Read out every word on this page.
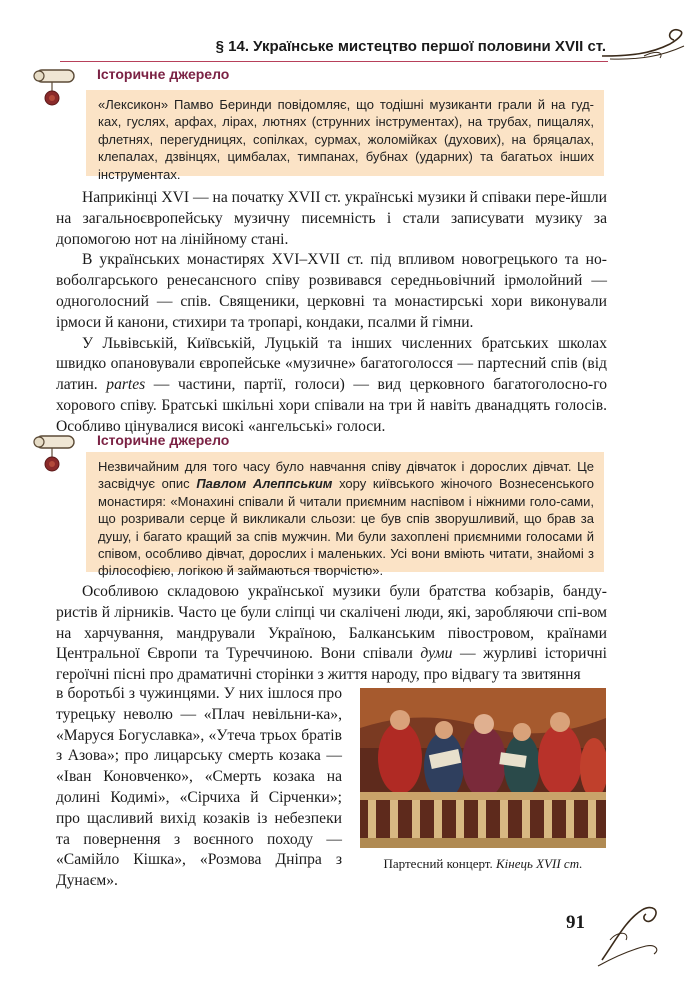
§ 14. Українське мистецтво першої половини XVII ст.
Історичне джерело
«Лексикон» Памво Беринди повідомляє, що тодішні музиканти грали й на гуд-ках, гуслях, арфах, лірах, лютнях (струнних інструментах), на трубах, пищалях, флетнях, перегудницях, сопілках, сурмах, жоломійках (духових), на бряцалах, клепалах, дзвінцях, цимбалах, тимпанах, бубнах (ударних) та багатьох інших інструментах.

Наприкінці XVI — на початку XVII ст. українські музики й співаки пере-йшли на загальноєвропейську музичну писемність і стали записувати музику за допомогою нот на лінійному стані.

В українських монастирях XVI–XVII ст. під впливом новогрецького та но-воболгарського ренесансного співу розвивався середньовічний ірмолойний — одноголосний — спів. Священики, церковні та монастирські хори виконували ірмоси й канони, стихири та тропарі, кондаки, псалми й гімни.

У Львівській, Київській, Луцькій та інших численних братських школах швидко опановували європейське «музичне» багатоголосся — партесний спів (від латин. partes — частини, партії, голоси) — вид церковного багатоголосно-го хорового співу. Братські шкільні хори співали на три й навіть дванадцять голосів. Особливо цінувалися високі «ангельські» голоси.

Історичне джерело
Незвичайним для того часу було навчання співу дівчаток і дорослих дівчат. Це засвідчує опис Павлом Алеппським хору київського жіночого Вознесенського монастиря: «Монахині співали й читали приємним наспівом і ніжними голо-сами, що розривали серце й викликали сльози: це був спів зворушливий, що брав за душу, і багато кращий за спів мужчин. Ми були захоплені приємними голосами й співом, особливо дівчат, дорослих і маленьких. Усі вони вміють читати, знайомі з філософією, логікою й займаються творчістю».

Особливою складовою української музики були братства кобзарів, банду-ристів й лірників. Часто це були сліпці чи скалічені люди, які, заробляючи спі-вом на харчування, мандрували Україною, Балканським півостровом, країнами Центральної Європи та Туреччиною. Вони співали думи — журливі історичні героїчні пісні про драматичні сторінки з життя народу, про відвагу та звитяння

в боротьбі з чужинцями. У них ішлося про турецьку неволю — «Плач невільни-ка», «Маруся Богуславка», «Утеча трьох братів з Азова»; про лицарську смерть козака — «Іван Коновченко», «Смерть козака на долині Кодимі», «Сірчиха й Сірченки»; про щасливий вихід козаків із небезпеки та повернення з воєнного походу — «Самійло Кішка», «Розмова Дніпра з Дунаєм».
Партесний концерт. Кінець XVII ст.
91
